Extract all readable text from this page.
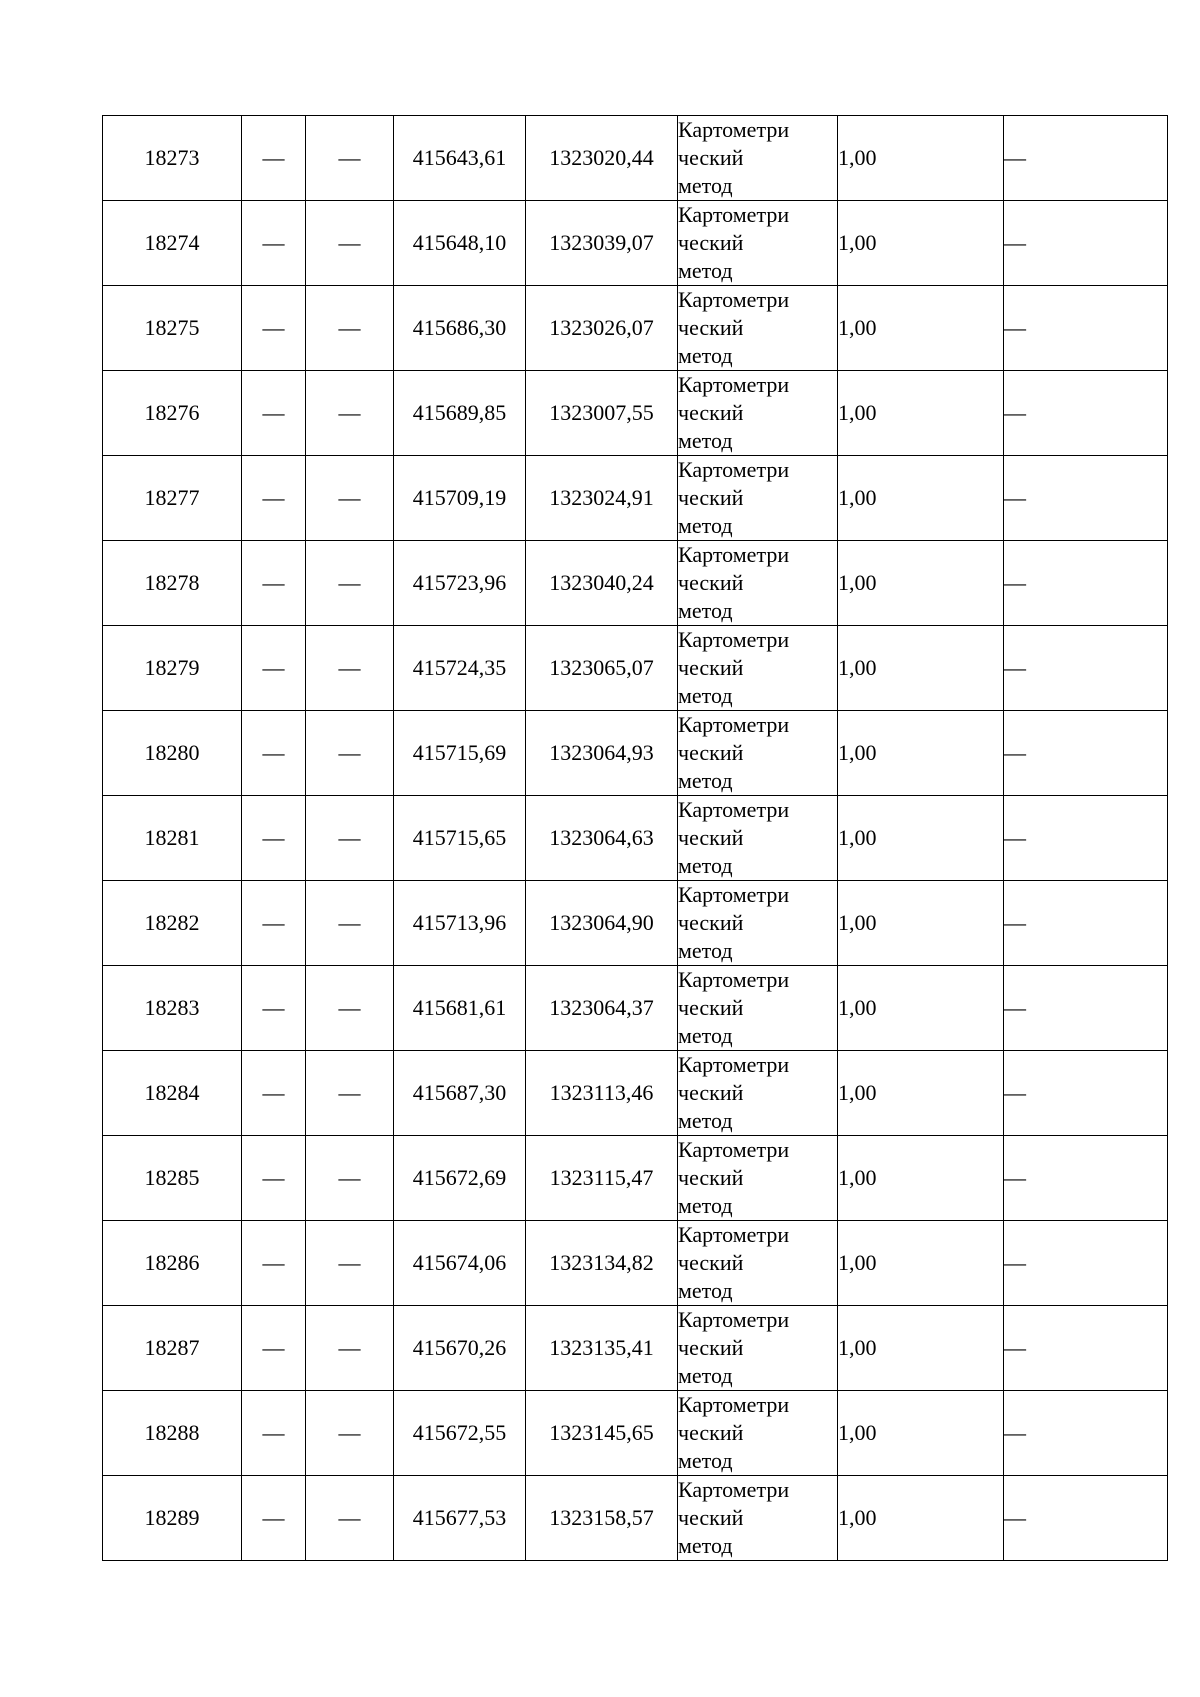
18273	—	—	415643,61	1323020,44	Картометри
ческий
метод	1,00	—
18274	—	—	415648,10	1323039,07	Картометри
ческий
метод	1,00	—
18275	—	—	415686,30	1323026,07	Картометри
ческий
метод	1,00	—
18276	—	—	415689,85	1323007,55	Картометри
ческий
метод	1,00	—
18277	—	—	415709,19	1323024,91	Картометри
ческий
метод	1,00	—
18278	—	—	415723,96	1323040,24	Картометри
ческий
метод	1,00	—
18279	—	—	415724,35	1323065,07	Картометри
ческий
метод	1,00	—
18280	—	—	415715,69	1323064,93	Картометри
ческий
метод	1,00	—
18281	—	—	415715,65	1323064,63	Картометри
ческий
метод	1,00	—
18282	—	—	415713,96	1323064,90	Картометри
ческий
метод	1,00	—
18283	—	—	415681,61	1323064,37	Картометри
ческий
метод	1,00	—
18284	—	—	415687,30	1323113,46	Картометри
ческий
метод	1,00	—
18285	—	—	415672,69	1323115,47	Картометри
ческий
метод	1,00	—
18286	—	—	415674,06	1323134,82	Картометри
ческий
метод	1,00	—
18287	—	—	415670,26	1323135,41	Картометри
ческий
метод	1,00	—
18288	—	—	415672,55	1323145,65	Картометри
ческий
метод	1,00	—
18289	—	—	415677,53	1323158,57	Картометри
ческий
метод	1,00	—
